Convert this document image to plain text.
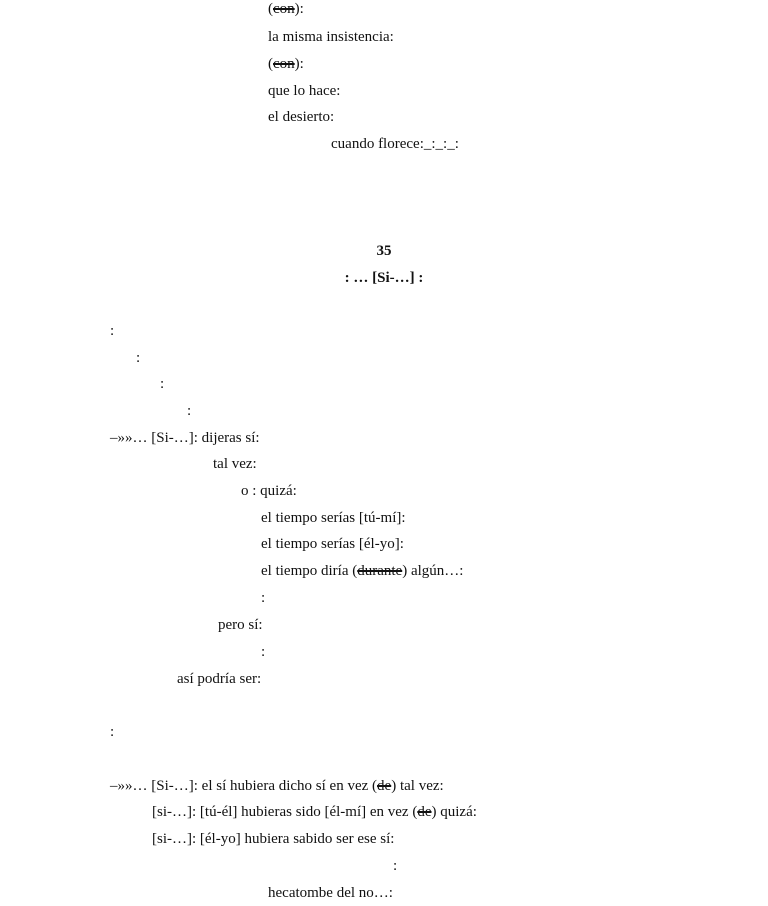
(con):
la misma insistencia:
(con):
que lo hace:
el desierto:
cuando florece:_:_:_:
35
: … [Si-…] :
:
:
:
:
–»»… [Si-…]: dijeras sí:
tal vez:
o : quizá:
el tiempo serías [tú-mí]:
el tiempo serías [él-yo]:
el tiempo diría (durante) algún…:
:
pero sí:
:
así podría ser:
:
–»»… [Si-…]: el sí hubiera dicho sí en vez (de) tal vez:
[si-…]: [tú-él] hubieras sido [él-mí] en vez (de) quizá:
[si-…]: [él-yo] hubiera sabido ser ese sí:
:
hecatombe del no…:
